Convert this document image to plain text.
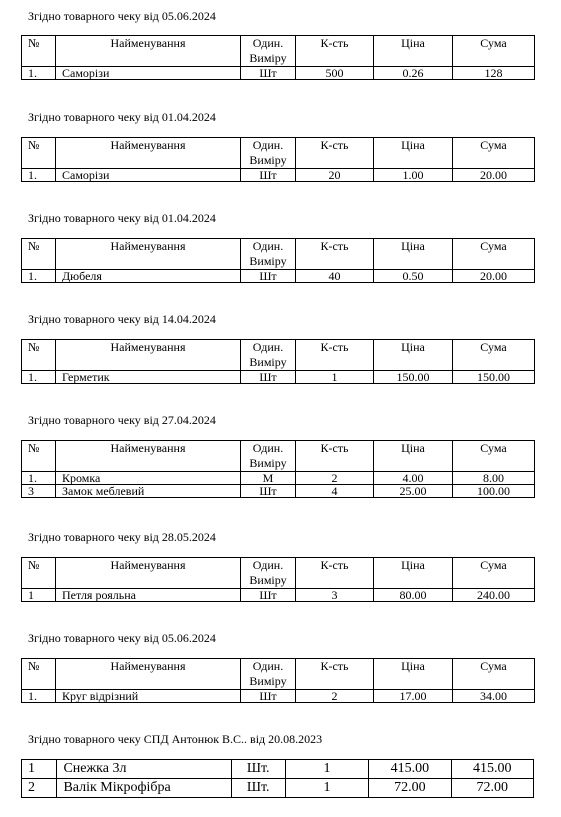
Згідно товарного чеку від 05.06.2024
№	Найменування	Один. Виміру	К-сть	Ціна	Сума
1.	Саморізи	Шт	500	0.26	128
Згідно товарного чеку від 01.04.2024
№	Найменування	Один. Виміру	К-сть	Ціна	Сума
1.	Саморізи	Шт	20	1.00	20.00
Згідно товарного чеку від 01.04.2024
№	Найменування	Один. Виміру	К-сть	Ціна	Сума
1.	Дюбеля	Шт	40	0.50	20.00
Згідно товарного чеку від 14.04.2024
№	Найменування	Один. Виміру	К-сть	Ціна	Сума
1.	Герметик	Шт	1	150.00	150.00
Згідно товарного чеку від 27.04.2024
№	Найменування	Один. Виміру	К-сть	Ціна	Сума
1.	Кромка	М	2	4.00	8.00
3	Замок меблевий	Шт	4	25.00	100.00
Згідно товарного чеку від 28.05.2024
№	Найменування	Один. Виміру	К-сть	Ціна	Сума
1	Петля рояльна	Шт	3	80.00	240.00
Згідно товарного чеку від 05.06.2024
№	Найменування	Один. Виміру	К-сть	Ціна	Сума
1.	Круг відрізний	Шт	2	17.00	34.00
Згідно товарного чеку СПД Антонюк В.С.. від 20.08.2023
1	Снежка 3л	Шт.	1	415.00	415.00
2	Валік Мікрофібра	Шт.	1	72.00	72.00
